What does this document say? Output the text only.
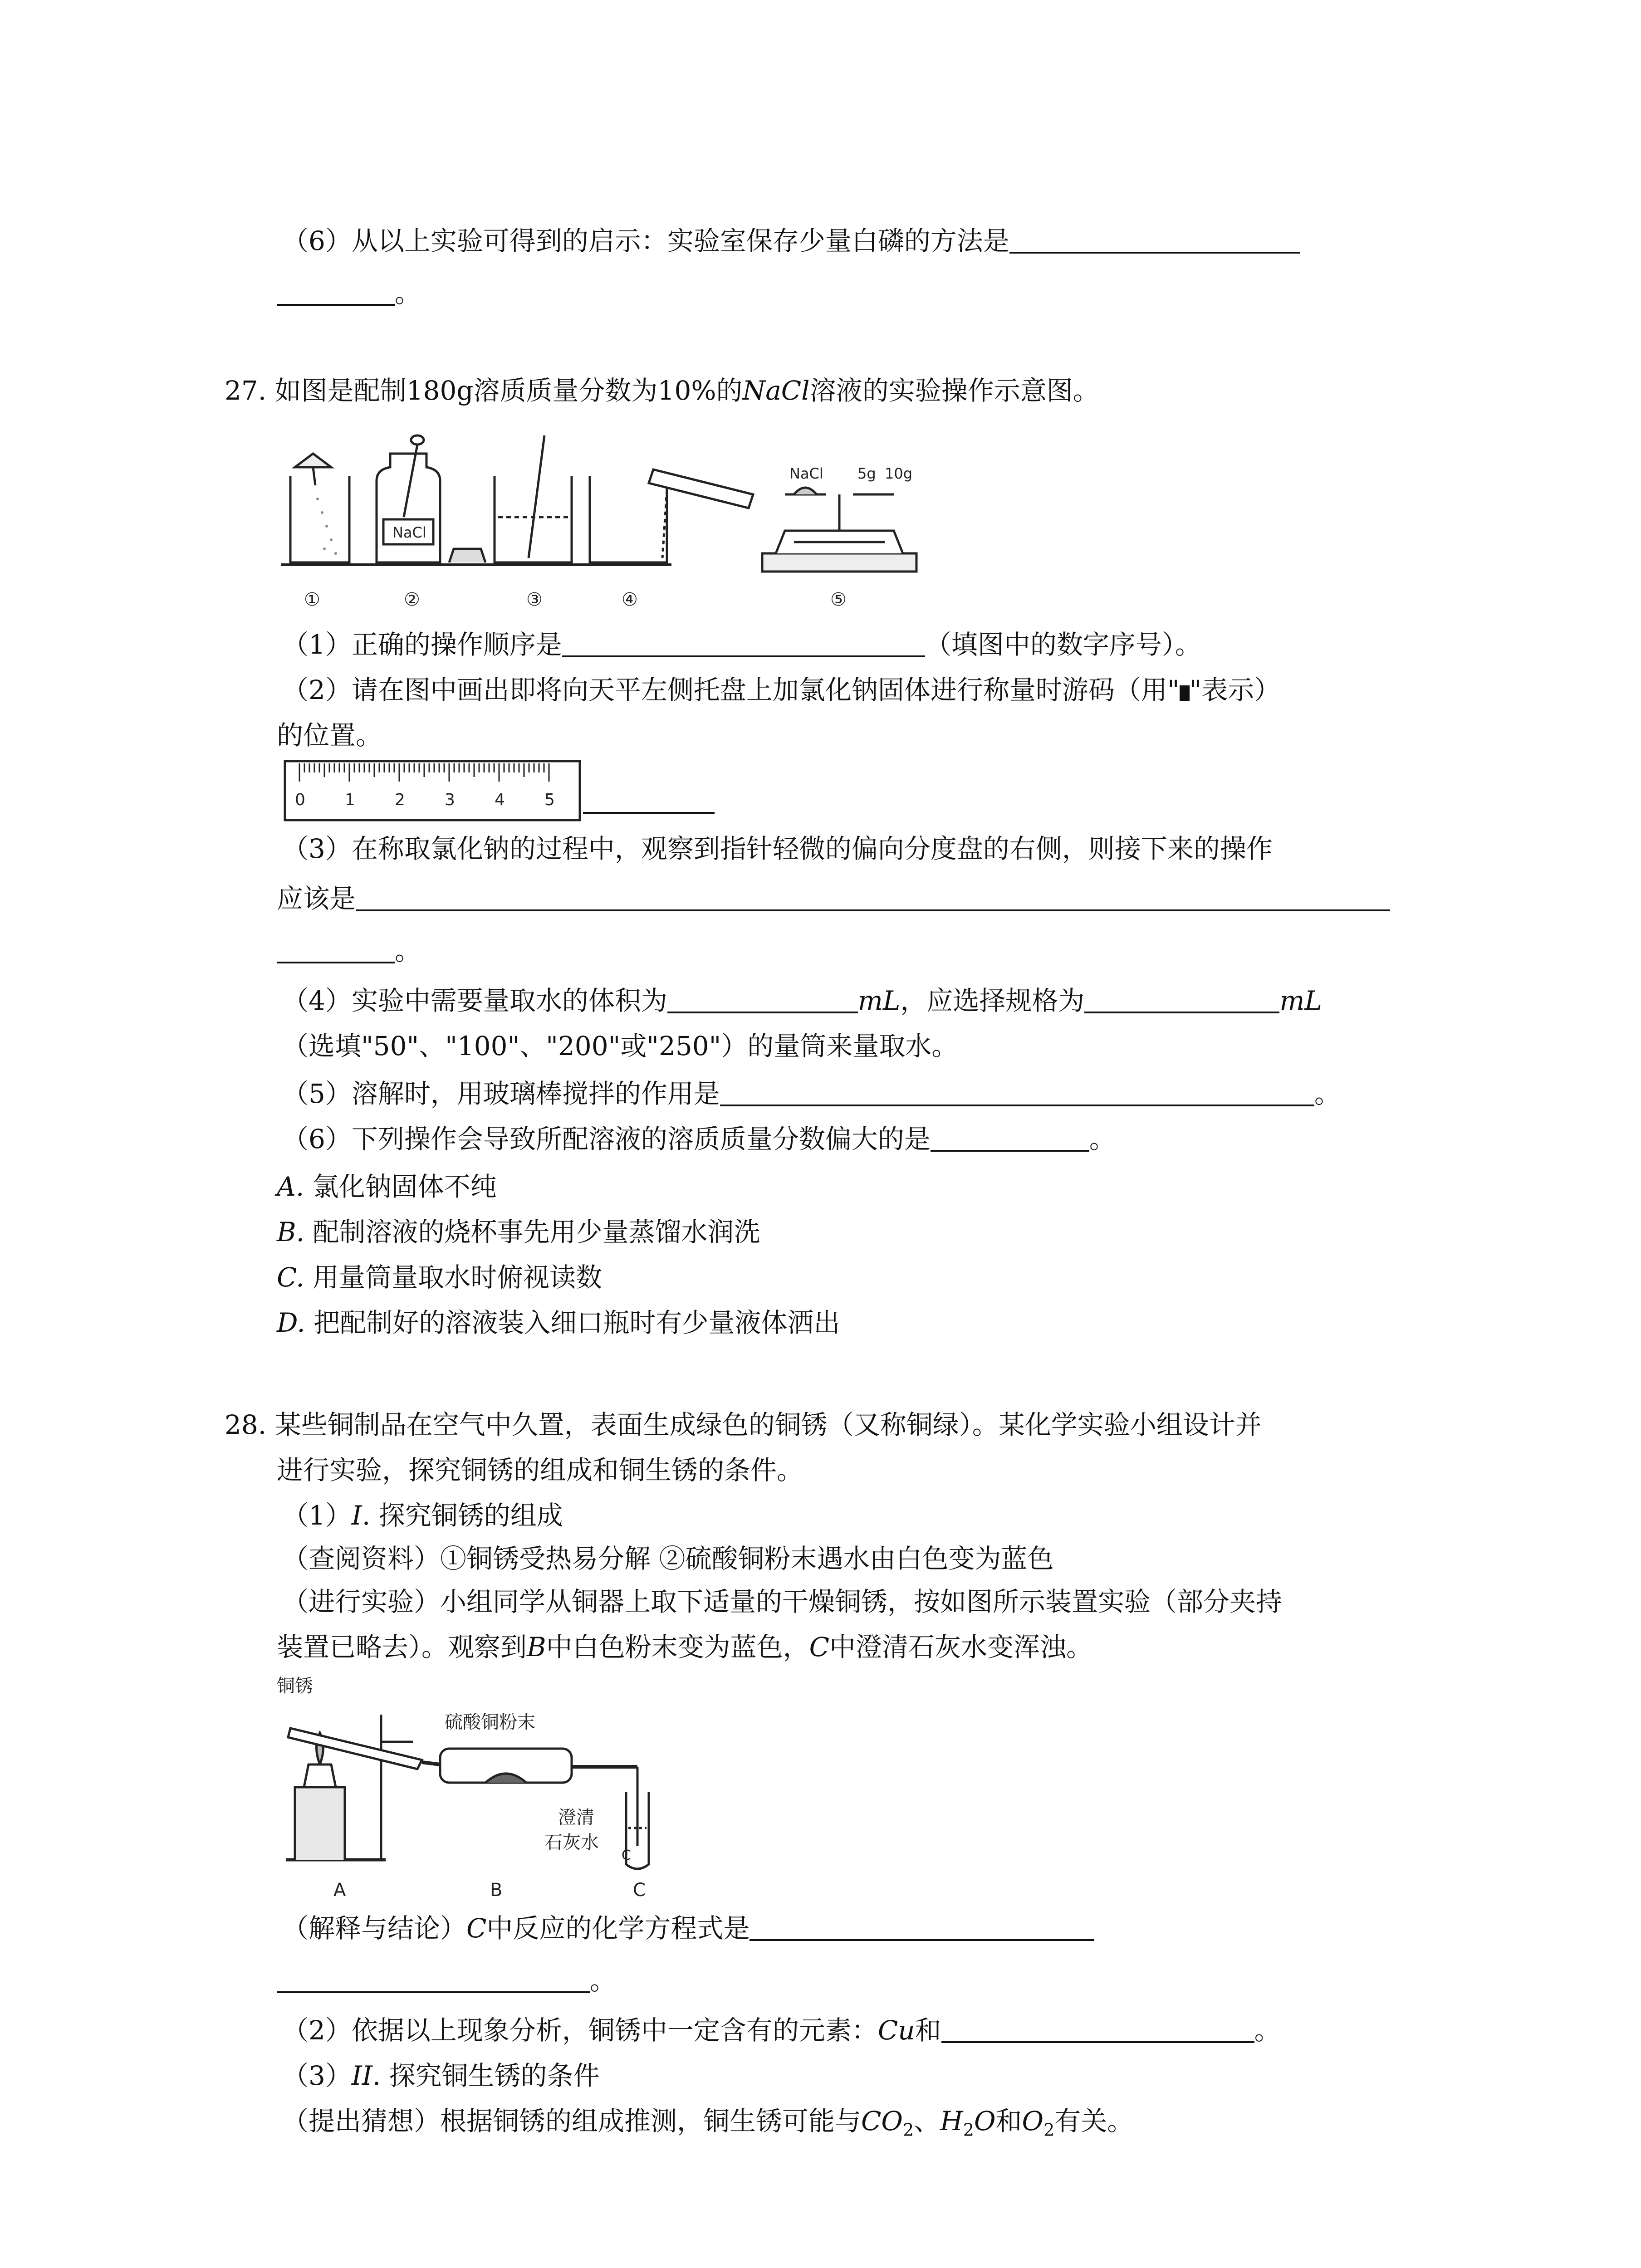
（6）从以上实验可得到的启示：实验室保存少量白磷的方法是
。
27. 如图是配制180g溶质质量分数为10%的NaCl溶液的实验操作示意图。
NaCl
NaCl 5g 10g
①	②	③	④	⑤
（1）正确的操作顺序是	（填图中的数字序号）。
（2）请在图中画出即将向天平左侧托盘上加氯化钠固体进行称量时游码（用" "表示）
的位置。
0 1 2 3 4 5
（3）在称取氯化钠的过程中，观察到指针轻微的偏向分度盘的右侧，则接下来的操作
应该是
。
（4）实验中需要量取水的体积为	mL，应选择规格为	mL
（选填"50"、"100"、"200"或"250"）的量筒来量取水。
（5）溶解时，用玻璃棒搅拌的作用是	。
（6）下列操作会导致所配溶液的溶质质量分数偏大的是	。
A. 氯化钠固体不纯
B. 配制溶液的烧杯事先用少量蒸馏水润洗
C. 用量筒量取水时俯视读数
D. 把配制好的溶液装入细口瓶时有少量液体洒出
28. 某些铜制品在空气中久置，表面生成绿色的铜锈（又称铜绿）。某化学实验小组设计并
进行实验，探究铜锈的组成和铜生锈的条件。
（1）I. 探究铜锈的组成
（查阅资料）①铜锈受热易分解 ②硫酸铜粉末遇水由白色变为蓝色
（进行实验）小组同学从铜器上取下适量的干燥铜锈，按如图所示装置实验（部分夹持
装置已略去）。观察到B中白色粉末变为蓝色，C中澄清石灰水变浑浊。
铜锈
硫酸铜粉末
澄清
石灰水
C
A	B	C
（解释与结论）C中反应的化学方程式是
。
（2）依据以上现象分析，铜锈中一定含有的元素：Cu和	。
（3）II. 探究铜生锈的条件
（提出猜想）根据铜锈的组成推测，铜生锈可能与$CO_2$、$H_2O$和$O_2$有关。
